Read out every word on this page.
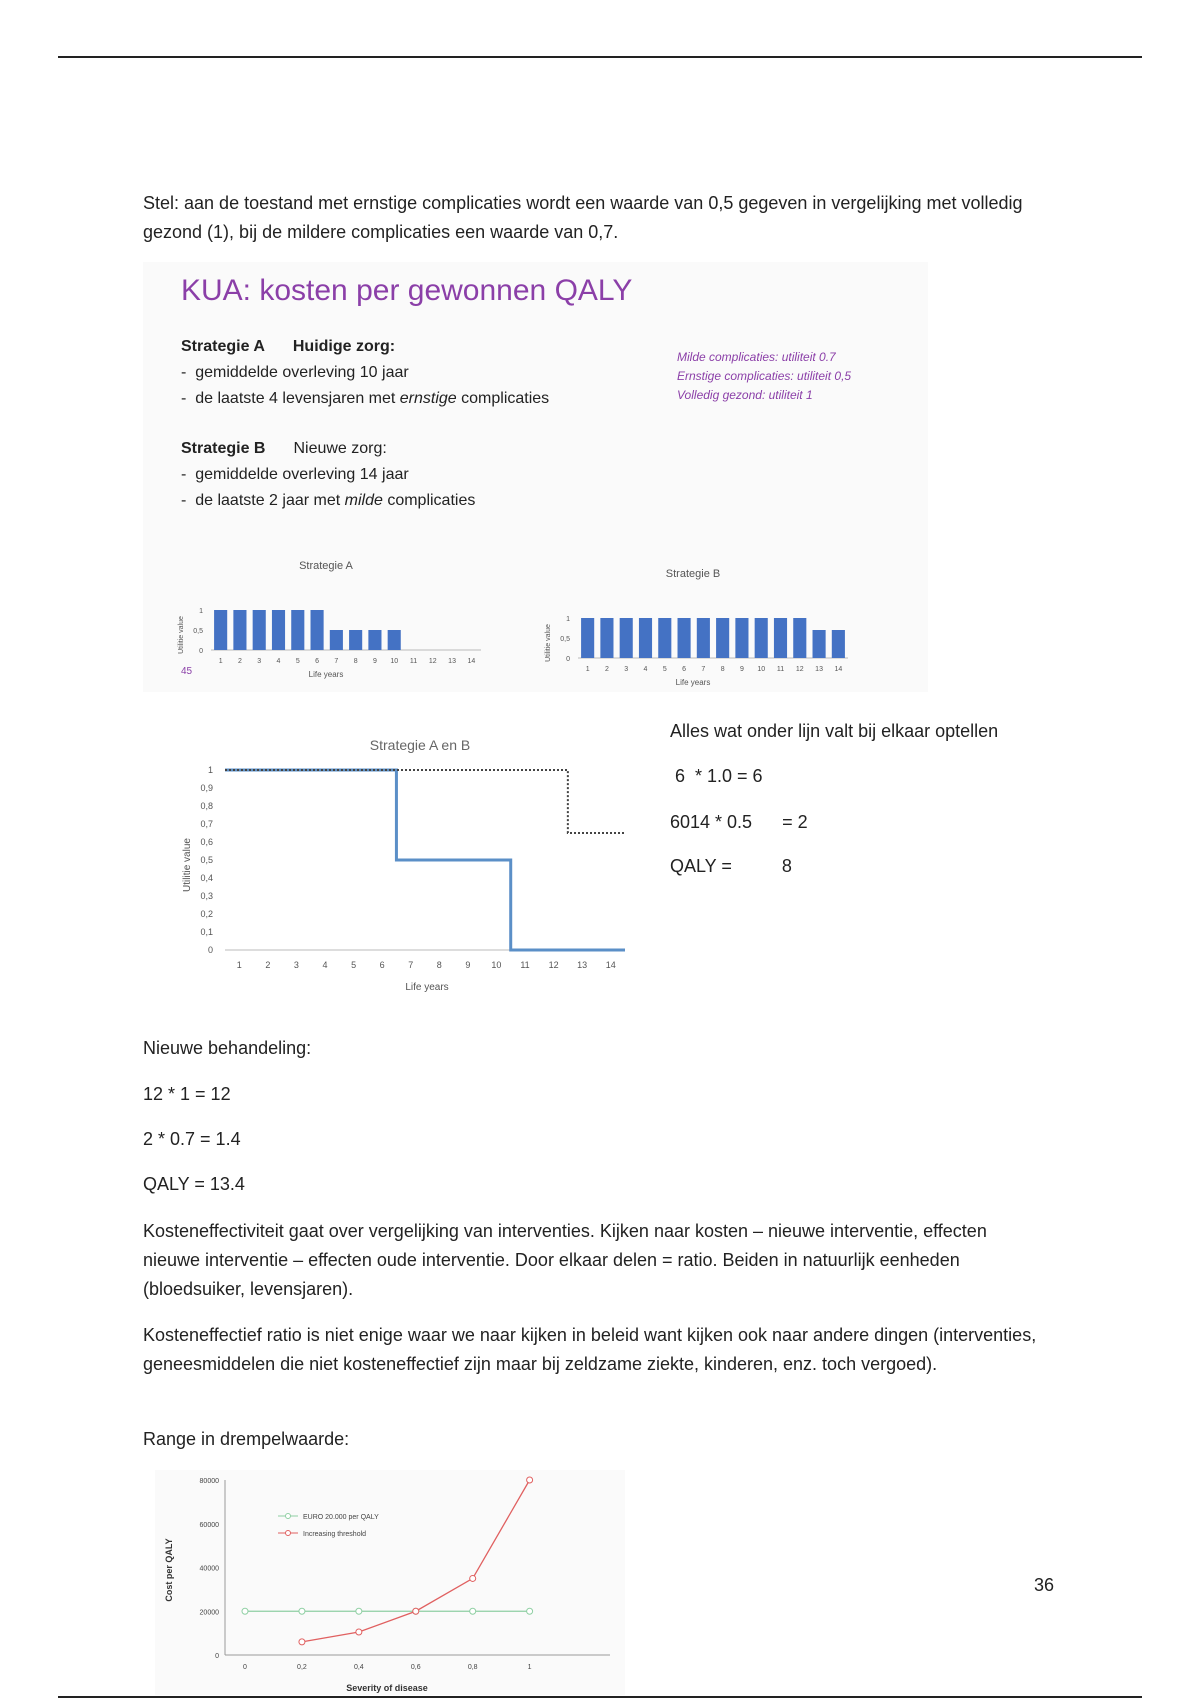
Stel: aan de toestand met ernstige complicaties wordt een waarde van 0,5 gegeven in vergelijking met volledig gezond (1), bij de mildere complicaties een waarde van 0,7.

KUA: kosten per gewonnen QALY

Strategie A Huidige zorg:
-  gemiddelde overleving 10 jaar
-  de laatste 4 levensjaren met ernstige complicaties
Milde complicaties: utiliteit 0.7
Ernstige complicaties: utiliteit 0,5
Volledig gezond: utiliteit 1
Strategie B Nieuwe zorg:
-  gemiddelde overleving 14 jaar
-  de laatste 2 jaar met milde complicaties
Strategie A
0
0,5
1
1 2 3 4 5 6 7 8 9 10 11 12 13 14
Life years
Utilitie value
Strategie B
0
0,5
1
1 2 3 4 5 6 7 8 9 10 11 12 13 14
Life years
Utilitie value
45
Strategie A en B
0
0,1
0,2
0,3
0,4
0,5
0,6
0,7
0,8
0,9
1
1	2	3	4	5	6	7	8	9 10 11 12 13 14
Life years
Utilitie value
Alles wat onder lijn valt bij elkaar optellen
6  * 1.0 = 6
6014 * 0.5      = 2
QALY =          8

Nieuwe behandeling:

12 * 1 = 12

2 * 0.7 = 1.4

QALY = 13.4

Kosteneffectiviteit gaat over vergelijking van interventies. Kijken naar kosten – nieuwe interventie, effecten nieuwe interventie – effecten oude interventie. Door elkaar delen = ratio. Beiden in natuurlijk eenheden (bloedsuiker, levensjaren).

Kosteneffectief ratio is niet enige waar we naar kijken in beleid want kijken ook naar andere dingen (interventies, geneesmiddelen die niet kosteneffectief zijn maar bij zeldzame ziekte, kinderen, enz. toch vergoed).

Range in drempelwaarde:

0
20000
40000
60000
80000
0	0,2	0,4	0,6	0,8	1
Severity of disease
Cost per QALY
EURO 20.000 per QALY
Increasing threshold
36
